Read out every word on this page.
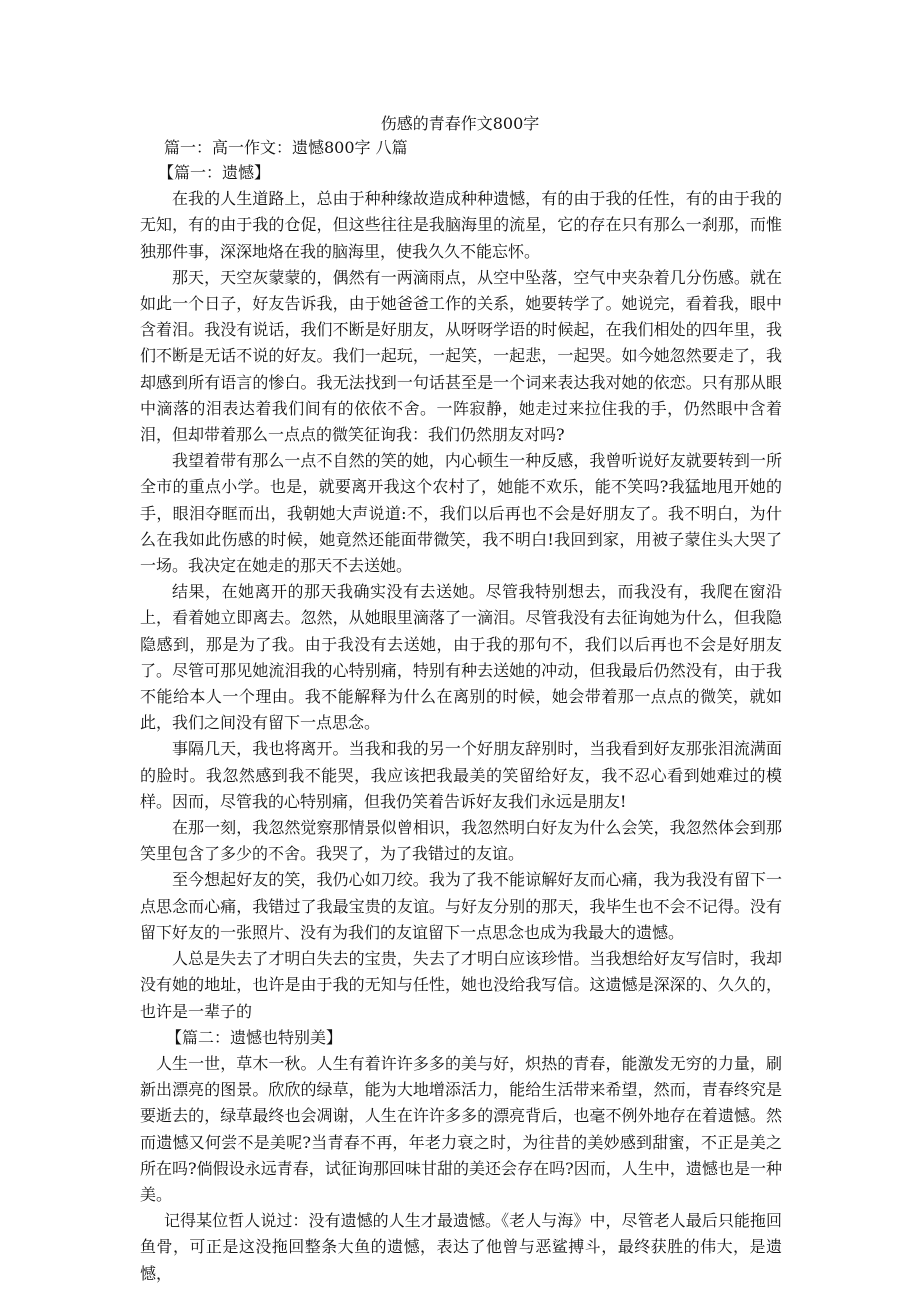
伤感的青春作文800字
篇一：高一作文：遗憾800字 八篇
【篇一：遗憾】

在我的人生道路上，总由于种种缘故造成种种遗憾，有的由于我的任性，有的由于我的无知，有的由于我的仓促，但这些往往是我脑海里的流星，它的存在只有那么一刹那，而惟独那件事，深深地烙在我的脑海里，使我久久不能忘怀。

那天，天空灰蒙蒙的，偶然有一两滴雨点，从空中坠落，空气中夹杂着几分伤感。就在如此一个日子，好友告诉我，由于她爸爸工作的关系，她要转学了。她说完，看着我，眼中含着泪。我没有说话，我们不断是好朋友，从呀呀学语的时候起，在我们相处的四年里，我们不断是无话不说的好友。我们一起玩，一起笑，一起悲，一起哭。如今她忽然要走了，我却感到所有语言的惨白。我无法找到一句话甚至是一个词来表达我对她的依恋。只有那从眼中滴落的泪表达着我们间有的依依不舍。一阵寂静，她走过来拉住我的手，仍然眼中含着泪，但却带着那么一点点的微笑征询我：我们仍然朋友对吗?

我望着带有那么一点不自然的笑的她，内心顿生一种反感，我曾听说好友就要转到一所全市的重点小学。也是，就要离开我这个农村了，她能不欢乐，能不笑吗?我猛地甩开她的手，眼泪夺眶而出，我朝她大声说道:不，我们以后再也不会是好朋友了。我不明白，为什么在我如此伤感的时候，她竟然还能面带微笑，我不明白!我回到家，用被子蒙住头大哭了一场。我决定在她走的那天不去送她。

结果，在她离开的那天我确实没有去送她。尽管我特别想去，而我没有，我爬在窗沿上，看着她立即离去。忽然，从她眼里滴落了一滴泪。尽管我没有去征询她为什么，但我隐隐感到，那是为了我。由于我没有去送她，由于我的那句不，我们以后再也不会是好朋友了。尽管可那见她流泪我的心特别痛，特别有种去送她的冲动，但我最后仍然没有，由于我不能给本人一个理由。我不能解释为什么在离别的时候，她会带着那一点点的微笑，就如此，我们之间没有留下一点思念。

事隔几天，我也将离开。当我和我的另一个好朋友辞别时，当我看到好友那张泪流满面的脸时。我忽然感到我不能哭，我应该把我最美的笑留给好友，我不忍心看到她难过的模样。因而，尽管我的心特别痛，但我仍笑着告诉好友我们永远是朋友!

在那一刻，我忽然觉察那情景似曾相识，我忽然明白好友为什么会笑，我忽然体会到那笑里包含了多少的不舍。我哭了，为了我错过的友谊。

至今想起好友的笑，我仍心如刀绞。我为了我不能谅解好友而心痛，我为我没有留下一点思念而心痛，我错过了我最宝贵的友谊。与好友分别的那天，我毕生也不会不记得。没有留下好友的一张照片、没有为我们的友谊留下一点思念也成为我最大的遗憾。

人总是失去了才明白失去的宝贵，失去了才明白应该珍惜。当我想给好友写信时，我却没有她的地址，也许是由于我的无知与任性，她也没给我写信。这遗憾是深深的、久久的，也许是一辈子的

【篇二：遗憾也特别美】

人生一世，草木一秋。人生有着许许多多的美与好，炽热的青春，能激发无穷的力量，刷新出漂亮的图景。欣欣的绿草，能为大地增添活力，能给生活带来希望，然而，青春终究是要逝去的，绿草最终也会凋谢，人生在许许多多的漂亮背后，也毫不例外地存在着遗憾。然而遗憾又何尝不是美呢?当青春不再，年老力衰之时，为往昔的美妙感到甜蜜，不正是美之所在吗?倘假设永远青春，试征询那回味甘甜的美还会存在吗?因而，人生中，遗憾也是一种美。

记得某位哲人说过：没有遗憾的人生才最遗憾。《老人与海》中，尽管老人最后只能拖回鱼骨，可正是这没拖回整条大鱼的遗憾，表达了他曾与恶鲨搏斗，最终获胜的伟大，是遗憾，
